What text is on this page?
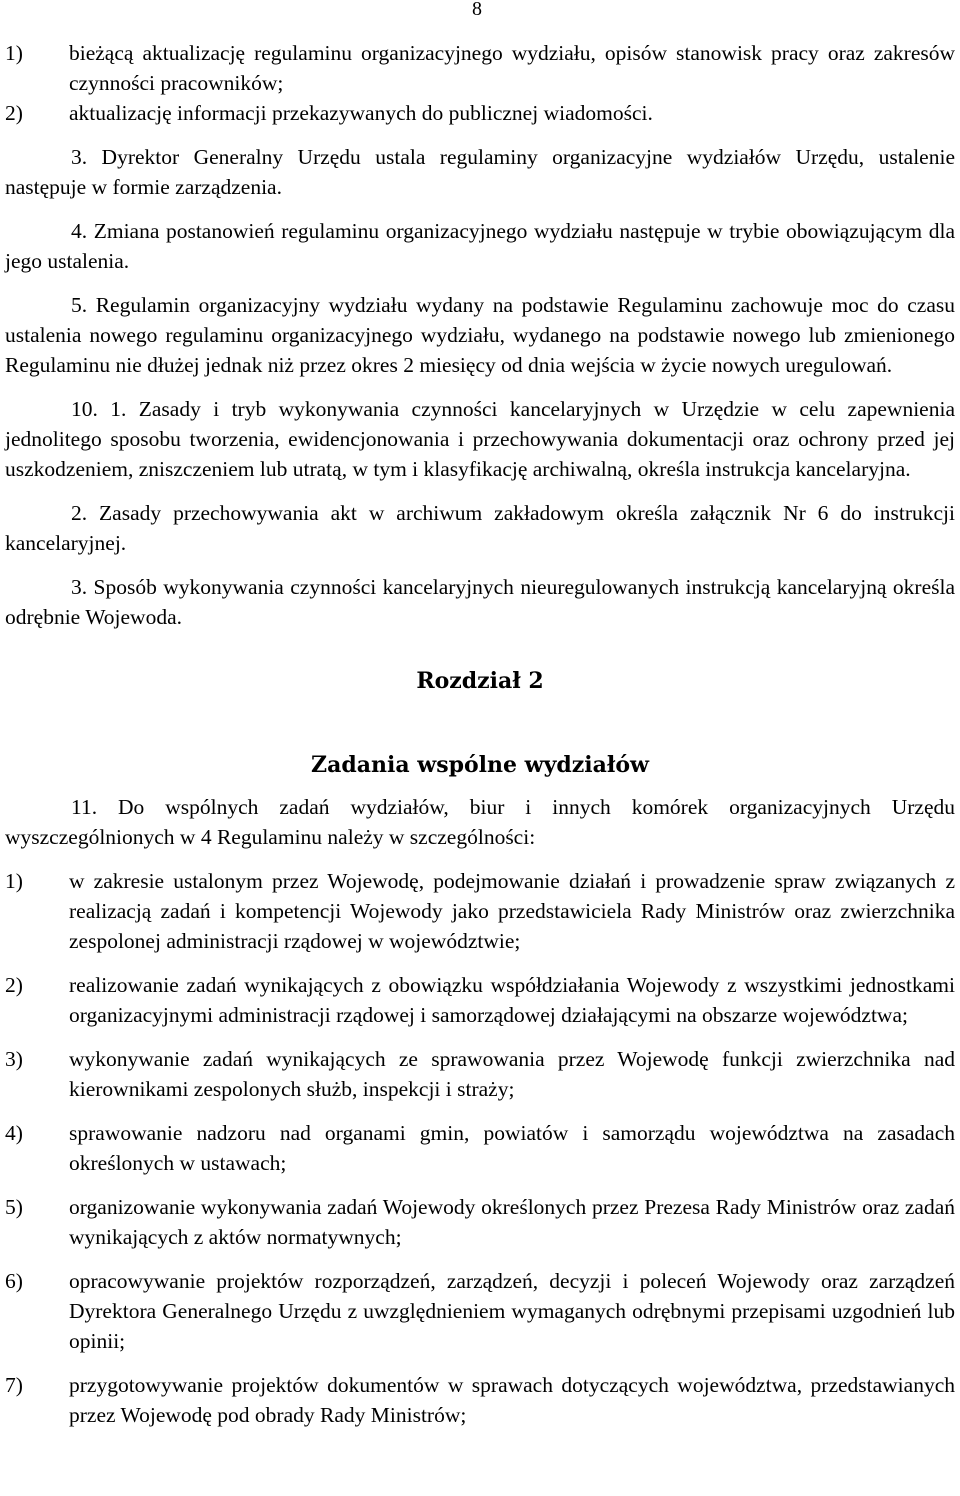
8
1)	bieżącą aktualizację regulaminu organizacyjnego wydziału, opisów stanowisk pracy oraz zakresów czynności pracowników;
2)	aktualizację informacji przekazywanych do publicznej wiadomości.

3. Dyrektor Generalny Urzędu ustala regulaminy organizacyjne wydziałów Urzędu, ustalenie następuje w formie zarządzenia.

4. Zmiana postanowień regulaminu organizacyjnego wydziału następuje w trybie obowiązującym dla jego ustalenia.

5. Regulamin organizacyjny wydziału wydany na podstawie Regulaminu zachowuje moc do czasu ustalenia nowego regulaminu organizacyjnego wydziału, wydanego na podstawie nowego lub zmienionego Regulaminu nie dłużej jednak niż przez okres 2 miesięcy od dnia wejścia w życie nowych uregulowań.

10. 1. Zasady i tryb wykonywania czynności kancelaryjnych w Urzędzie w celu zapewnienia jednolitego sposobu tworzenia, ewidencjonowania i przechowywania dokumentacji oraz ochrony przed jej uszkodzeniem, zniszczeniem lub utratą, w tym i klasyfikację archiwalną, określa instrukcja kancelaryjna.

2. Zasady przechowywania akt w archiwum zakładowym określa załącznik Nr 6 do instrukcji kancelaryjnej.

3. Sposób wykonywania czynności kancelaryjnych nieuregulowanych instrukcją kancelaryjną określa odrębnie Wojewoda.

Rozdział 2
Zadania wspólne wydziałów

11. Do wspólnych zadań wydziałów, biur i innych komórek organizacyjnych Urzędu wyszczególnionych w 4 Regulaminu należy w szczególności:

1)	w zakresie ustalonym przez Wojewodę, podejmowanie działań i prowadzenie spraw związanych z realizacją zadań i kompetencji Wojewody jako przedstawiciela Rady Ministrów oraz zwierzchnika zespolonej administracji rządowej w województwie;
2)	realizowanie zadań wynikających z obowiązku współdziałania Wojewody z wszystkimi jednostkami organizacyjnymi administracji rządowej i samorządowej działającymi na obszarze województwa;
3)	wykonywanie zadań wynikających ze sprawowania przez Wojewodę funkcji zwierzchnika nad kierownikami zespolonych służb, inspekcji i straży;
4)	sprawowanie nadzoru nad organami gmin, powiatów i samorządu województwa na zasadach określonych w ustawach;
5)	organizowanie wykonywania zadań Wojewody określonych przez Prezesa Rady Ministrów oraz zadań wynikających z aktów normatywnych;
6)	opracowywanie projektów rozporządzeń, zarządzeń, decyzji i poleceń Wojewody oraz zarządzeń Dyrektora Generalnego Urzędu z uwzględnieniem wymaganych odrębnymi przepisami uzgodnień lub opinii;
7)	przygotowywanie projektów dokumentów w sprawach dotyczących województwa, przedstawianych przez Wojewodę pod obrady Rady Ministrów;
